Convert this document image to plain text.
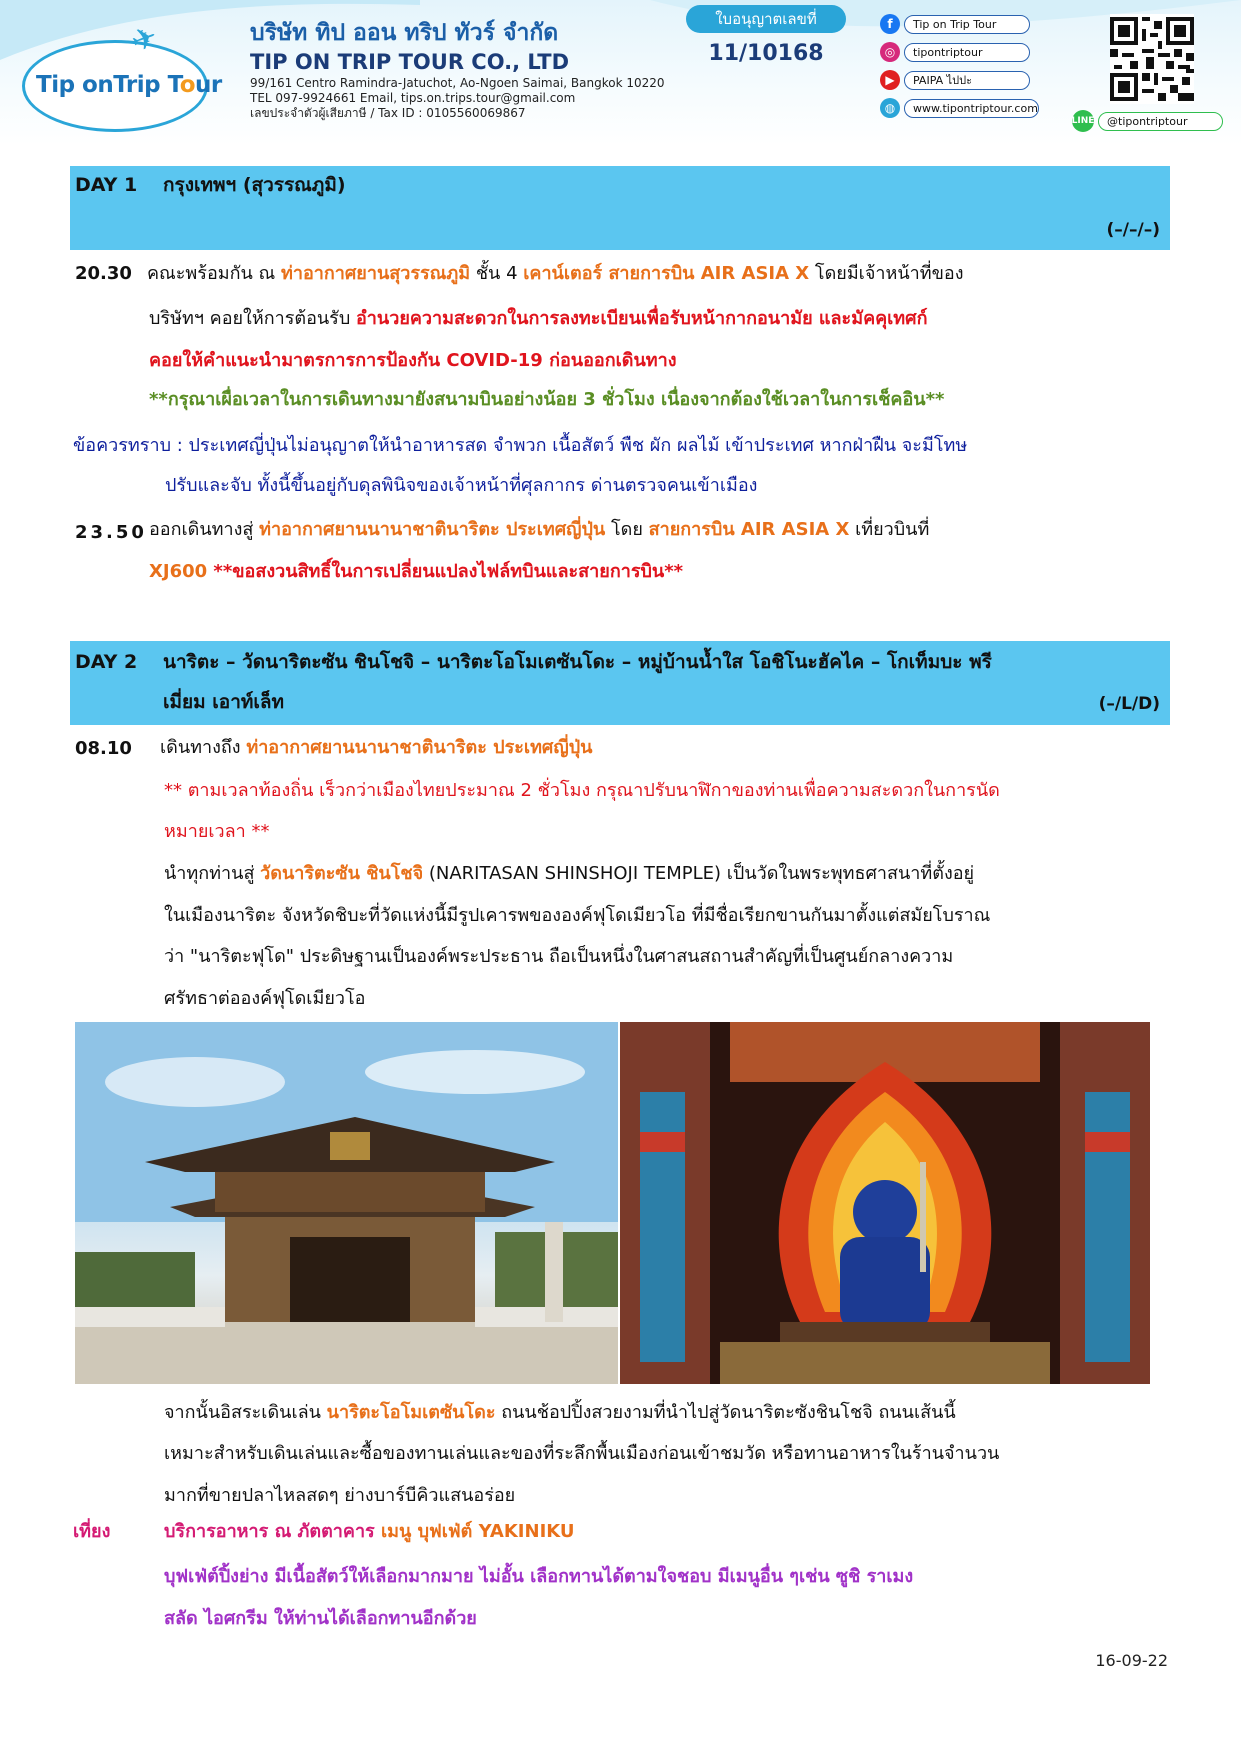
✈
Tip onTrip Tour

บริษัท ทิป ออน ทริป ทัวร์ จำกัด

TIP ON TRIP TOUR CO., LTD

99/161 Centro Ramindra-Jatuchot, Ao-Ngoen Saimai, Bangkok 10220

TEL 097-9924661 Email, tips.on.trips.tour@gmail.com

เลขประจำตัวผู้เสียภาษี / Tax ID : 0105560069867

ใบอนุญาตเลขที่
11/10168
f	Tip on Trip Tour
◎	tipontriptour
▶	PAIPA ไปปะ
◍	www.tipontriptour.com
LINE	@tipontriptour
DAY 1 กรุงเทพฯ (สุวรรณภูมิ)
(–/–/–)
20.30 คณะพร้อมกัน ณ ท่าอากาศยานสุวรรณภูมิ ชั้น 4 เคาน์เตอร์ สายการบิน AIR ASIA X โดยมีเจ้าหน้าที่ของ
บริษัทฯ คอยให้การต้อนรับ อำนวยความสะดวกในการลงทะเบียนเพื่อรับหน้ากากอนามัย และมัคคุเทศก์
คอยให้คำแนะนำมาตรการการป้องกัน COVID-19 ก่อนออกเดินทาง
**กรุณาเผื่อเวลาในการเดินทางมายังสนามบินอย่างน้อย 3 ชั่วโมง เนื่องจากต้องใช้เวลาในการเช็คอิน**
ข้อควรทราบ : ประเทศญี่ปุ่นไม่อนุญาตให้นำอาหารสด จำพวก เนื้อสัตว์ พืช ผัก ผลไม้ เข้าประเทศ หากฝ่าฝืน จะมีโทษ
ปรับและจับ ทั้งนี้ขึ้นอยู่กับดุลพินิจของเจ้าหน้าที่ศุลกากร ด่านตรวจคนเข้าเมือง
23.50 ออกเดินทางสู่ ท่าอากาศยานนานาชาตินาริตะ ประเทศญี่ปุ่น โดย สายการบิน AIR ASIA X เที่ยวบินที่
XJ600 **ขอสงวนสิทธิ์ในการเปลี่ยนแปลงไฟล์ทบินและสายการบิน**
DAY 2 นาริตะ – วัดนาริตะซัน ชินโชจิ – นาริตะโอโมเตซันโดะ – หมู่บ้านน้ำใส โอชิโนะฮัคไค – โกเท็มบะ พรี
เมี่ยม เอาท์เล็ท	(–/L/D)
08.10 เดินทางถึง ท่าอากาศยานนานาชาตินาริตะ ประเทศญี่ปุ่น
** ตามเวลาท้องถิ่น เร็วกว่าเมืองไทยประมาณ 2 ชั่วโมง กรุณาปรับนาฬิกาของท่านเพื่อความสะดวกในการนัด
หมายเวลา **
นำทุกท่านสู่ วัดนาริตะซัน ชินโชจิ (NARITASAN SHINSHOJI TEMPLE) เป็นวัดในพระพุทธศาสนาที่ตั้งอยู่
ในเมืองนาริตะ จังหวัดชิบะที่วัดแห่งนี้มีรูปเคารพขององค์ฟุโดเมียวโอ ที่มีชื่อเรียกขานกันมาตั้งแต่สมัยโบราณ
ว่า "นาริตะฟุโด" ประดิษฐานเป็นองค์พระประธาน ถือเป็นหนึ่งในศาสนสถานสำคัญที่เป็นศูนย์กลางความ
ศรัทธาต่อองค์ฟุโดเมียวโอ
จากนั้นอิสระเดินเล่น นาริตะโอโมเตซันโดะ ถนนช้อปปิ้งสวยงามที่นำไปสู่วัดนาริตะซังชินโชจิ ถนนเส้นนี้
เหมาะสำหรับเดินเล่นและซื้อของทานเล่นและของที่ระลึกพื้นเมืองก่อนเข้าชมวัด หรือทานอาหารในร้านจำนวน
มากที่ขายปลาไหลสดๆ ย่างบาร์บีคิวแสนอร่อย
เที่ยง	บริการอาหาร ณ ภัตตาคาร เมนู บุฟเฟ่ต์ YAKINIKU
บุฟเฟ่ต์ปิ้งย่าง มีเนื้อสัตว์ให้เลือกมากมาย ไม่อั้น เลือกทานได้ตามใจชอบ มีเมนูอื่น ๆเช่น ซูชิ ราเมง
สลัด ไอศกรีม ให้ท่านได้เลือกทานอีกด้วย
16-09-22
